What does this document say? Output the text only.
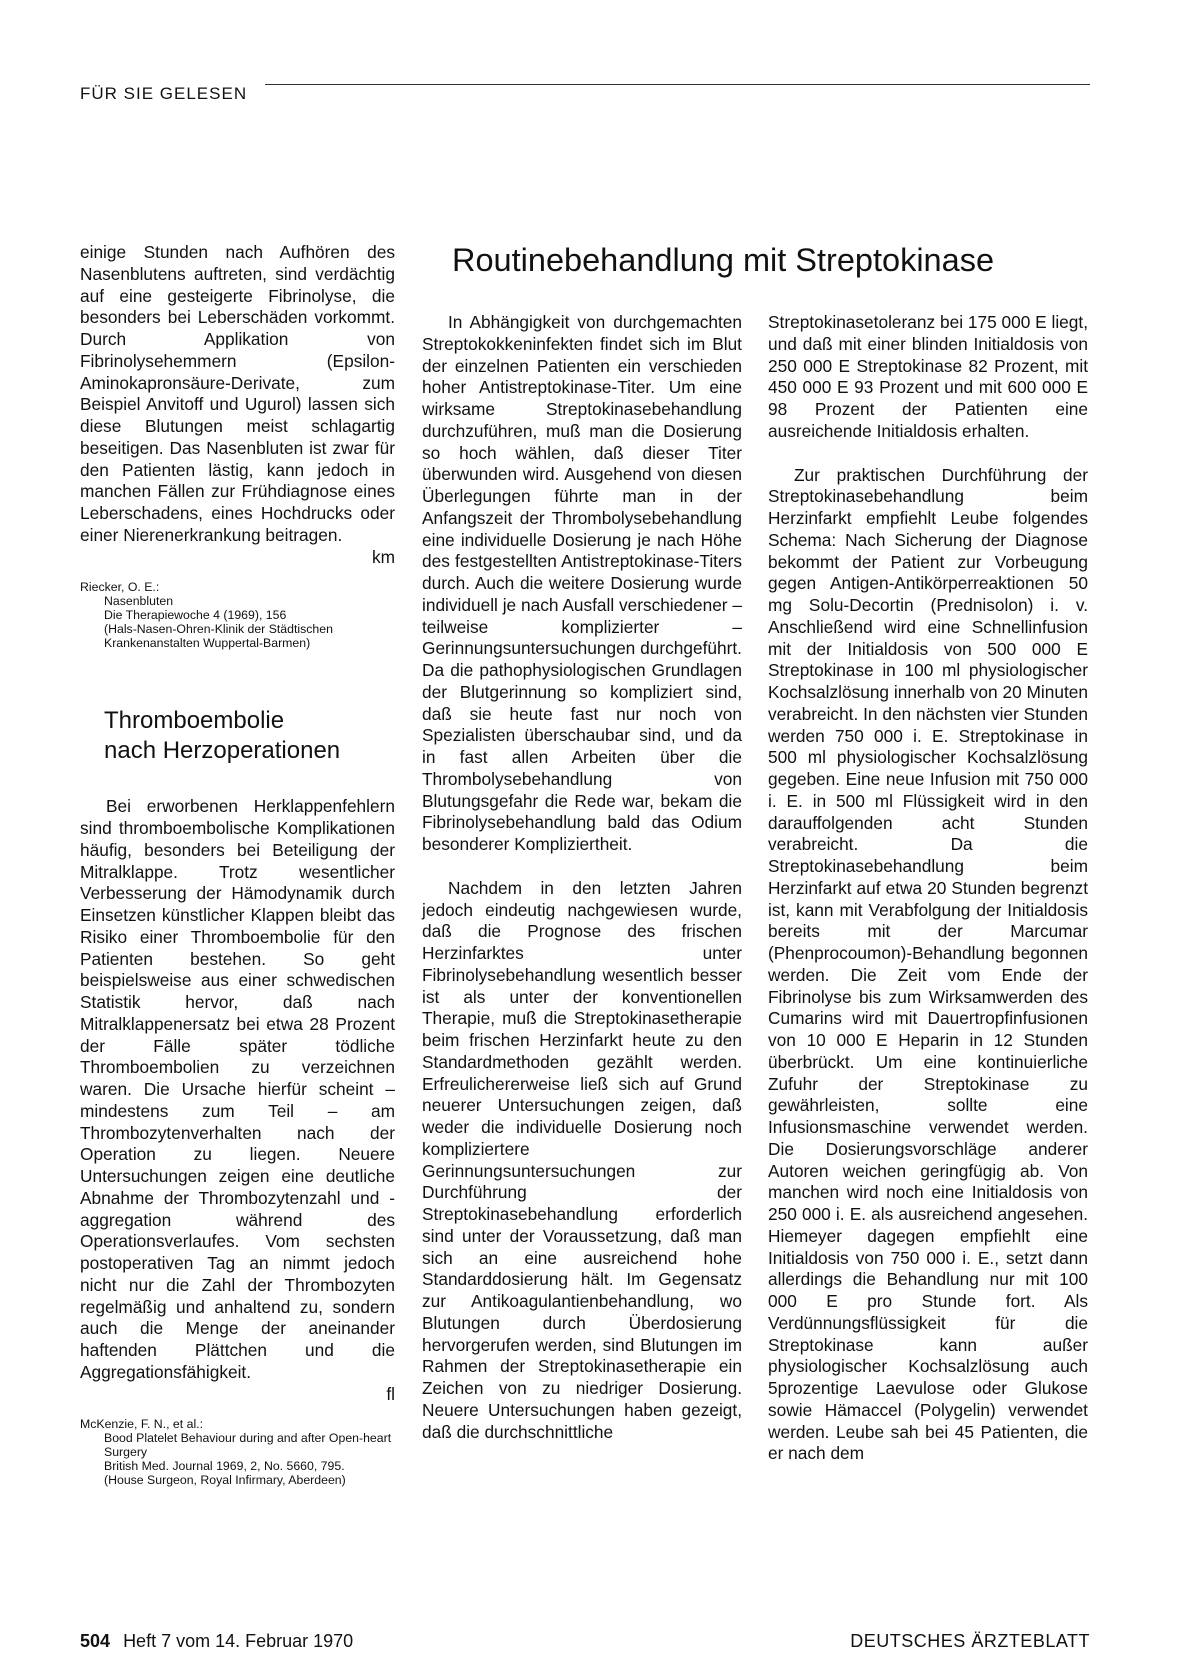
FÜR SIE GELESEN

einige Stunden nach Aufhören des Nasenblutens auftreten, sind verdächtig auf eine gesteigerte Fibrinolyse, die besonders bei Leberschäden vorkommt. Durch Applikation von Fibrinolysehemmern (Epsilon-Aminokapronsäure-Derivate, zum Beispiel Anvitoff und Ugurol) lassen sich diese Blutungen meist schlagartig beseitigen. Das Nasenbluten ist zwar für den Patienten lästig, kann jedoch in manchen Fällen zur Frühdiagnose eines Leberschadens, eines Hochdrucks oder einer Nierenerkrankung beitragen.

km
Riecker, O. E.:
Nasenbluten
Die Therapiewoche 4 (1969), 156
(Hals-Nasen-Ohren-Klinik der Städtischen Krankenanstalten Wuppertal-Barmen)
Thromboembolie
nach Herzoperationen

Bei erworbenen Herklappenfehlern sind thromboembolische Komplikationen häufig, besonders bei Beteiligung der Mitralklappe. Trotz wesentlicher Verbesserung der Hämodynamik durch Einsetzen künstlicher Klappen bleibt das Risiko einer Thromboembolie für den Patienten bestehen. So geht beispielsweise aus einer schwedischen Statistik hervor, daß nach Mitralklappenersatz bei etwa 28 Prozent der Fälle später tödliche Thromboembolien zu verzeichnen waren. Die Ursache hierfür scheint – mindestens zum Teil – am Thrombozytenverhalten nach der Operation zu liegen. Neuere Untersuchungen zeigen eine deutliche Abnahme der Thrombozytenzahl und -aggregation während des Operationsverlaufes. Vom sechsten postoperativen Tag an nimmt jedoch nicht nur die Zahl der Thrombozyten regelmäßig und anhaltend zu, sondern auch die Menge der aneinander haftenden Plättchen und die Aggregationsfähigkeit.

fl
McKenzie, F. N., et al.:
Bood Platelet Behaviour during and after Open-heart Surgery
British Med. Journal 1969, 2, No. 5660, 795.
(House Surgeon, Royal Infirmary, Aberdeen)
Routinebehandlung mit Streptokinase

In Abhängigkeit von durchgemachten Streptokokkeninfekten findet sich im Blut der einzelnen Patienten ein verschieden hoher Antistreptokinase-Titer. Um eine wirksame Streptokinasebehandlung durchzuführen, muß man die Dosierung so hoch wählen, daß dieser Titer überwunden wird. Ausgehend von diesen Überlegungen führte man in der Anfangszeit der Thrombolysebehandlung eine individuelle Dosierung je nach Höhe des festgestellten Antistreptokinase-Titers durch. Auch die weitere Dosierung wurde individuell je nach Ausfall verschiedener – teilweise komplizierter – Gerinnungsuntersuchungen durchgeführt. Da die pathophysiologischen Grundlagen der Blutgerinnung so kompliziert sind, daß sie heute fast nur noch von Spezialisten überschaubar sind, und da in fast allen Arbeiten über die Thrombolysebehandlung von Blutungsgefahr die Rede war, bekam die Fibrinolysebehandlung bald das Odium besonderer Kompliziertheit.

Nachdem in den letzten Jahren jedoch eindeutig nachgewiesen wurde, daß die Prognose des frischen Herzinfarktes unter Fibrinolysebehandlung wesentlich besser ist als unter der konventionellen Therapie, muß die Streptokinasetherapie beim frischen Herzinfarkt heute zu den Standardmethoden gezählt werden. Erfreulichererweise ließ sich auf Grund neuerer Untersuchungen zeigen, daß weder die individuelle Dosierung noch kompliziertere Gerinnungsuntersuchungen zur Durchführung der Streptokinasebehandlung erforderlich sind unter der Voraussetzung, daß man sich an eine ausreichend hohe Standarddosierung hält. Im Gegensatz zur Antikoagulantienbehandlung, wo Blutungen durch Überdosierung hervorgerufen werden, sind Blutungen im Rahmen der Streptokinasetherapie ein Zeichen von zu niedriger Dosierung. Neuere Untersuchungen haben gezeigt, daß die durchschnittliche

Streptokinasetoleranz bei 175 000 E liegt, und daß mit einer blinden Initialdosis von 250 000 E Streptokinase 82 Prozent, mit 450 000 E 93 Prozent und mit 600 000 E 98 Prozent der Patienten eine ausreichende Initialdosis erhalten.

Zur praktischen Durchführung der Streptokinasebehandlung beim Herzinfarkt empfiehlt Leube folgendes Schema: Nach Sicherung der Diagnose bekommt der Patient zur Vorbeugung gegen Antigen-Antikörperreaktionen 50 mg Solu-Decortin (Prednisolon) i. v. Anschließend wird eine Schnellinfusion mit der Initialdosis von 500 000 E Streptokinase in 100 ml physiologischer Kochsalzlösung innerhalb von 20 Minuten verabreicht. In den nächsten vier Stunden werden 750 000 i. E. Streptokinase in 500 ml physiologischer Kochsalzlösung gegeben. Eine neue Infusion mit 750 000 i. E. in 500 ml Flüssigkeit wird in den darauffolgenden acht Stunden verabreicht. Da die Streptokinasebehandlung beim Herzinfarkt auf etwa 20 Stunden begrenzt ist, kann mit Verabfolgung der Initialdosis bereits mit der Marcumar (Phenprocoumon)-Behandlung begonnen werden. Die Zeit vom Ende der Fibrinolyse bis zum Wirksamwerden des Cumarins wird mit Dauertropfinfusionen von 10 000 E Heparin in 12 Stunden überbrückt. Um eine kontinuierliche Zufuhr der Streptokinase zu gewährleisten, sollte eine Infusionsmaschine verwendet werden. Die Dosierungsvorschläge anderer Autoren weichen geringfügig ab. Von manchen wird noch eine Initialdosis von 250 000 i. E. als ausreichend angesehen. Hiemeyer dagegen empfiehlt eine Initialdosis von 750 000 i. E., setzt dann allerdings die Behandlung nur mit 100 000 E pro Stunde fort. Als Verdünnungsflüssigkeit für die Streptokinase kann außer physiologischer Kochsalzlösung auch 5prozentige Laevulose oder Glukose sowie Hämaccel (Polygelin) verwendet werden. Leube sah bei 45 Patienten, die er nach dem

504 Heft 7 vom 14. Februar 1970	DEUTSCHES ÄRZTEBLATT
